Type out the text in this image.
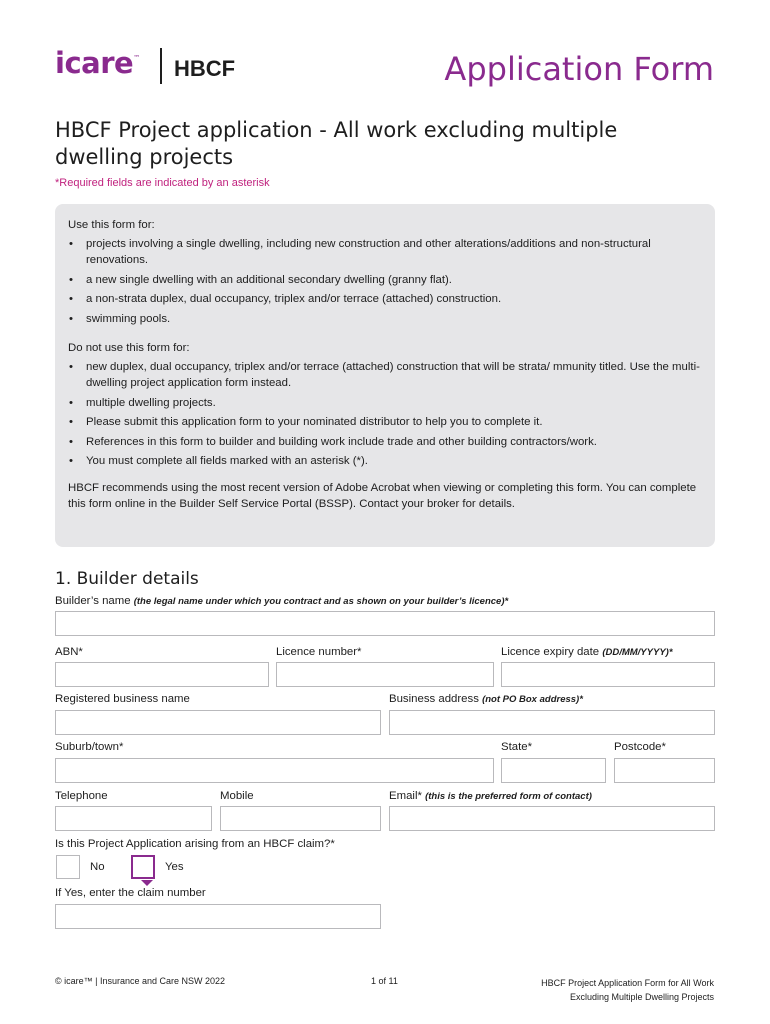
icare™ HBCF	Application Form
HBCF Project application - All work excluding multiple dwelling projects
*Required fields are indicated by an asterisk

Use this form for:

• projects involving a single dwelling, including new construction and other alterations/additions and non-structural renovations.
• a new single dwelling with an additional secondary dwelling (granny flat).
• a non-strata duplex, dual occupancy, triplex and/or terrace (attached) construction.
• swimming pools.

Do not use this form for:

• new duplex, dual occupancy, triplex and/or terrace (attached) construction that will be strata/ mmunity titled. Use the multi-dwelling project application form instead.
• multiple dwelling projects.
• Please submit this application form to your nominated distributor to help you to complete it.
• References in this form to builder and building work include trade and other building contractors/work.
• You must complete all fields marked with an asterisk (*).

HBCF recommends using the most recent version of Adobe Acrobat when viewing or completing this form. You can complete this form online in the Builder Self Service Portal (BSSP). Contact your broker for details.

1. Builder details
Builder’s name (the legal name under which you contract and as shown on your builder’s licence)*
ABN*	Licence number*	Licence expiry date (DD/MM/YYYY)*
Registered business name	Business address (not PO Box address)*
Suburb/town*	State*	Postcode*
Telephone	Mobile	Email* (this is the preferred form of contact)
Is this Project Application arising from an HBCF claim?*
No	Yes
If Yes, enter the claim number
© icare™ | Insurance and Care NSW 2022	1 of 11	HBCF Project Application Form for All Work
Excluding Multiple Dwelling Projects
